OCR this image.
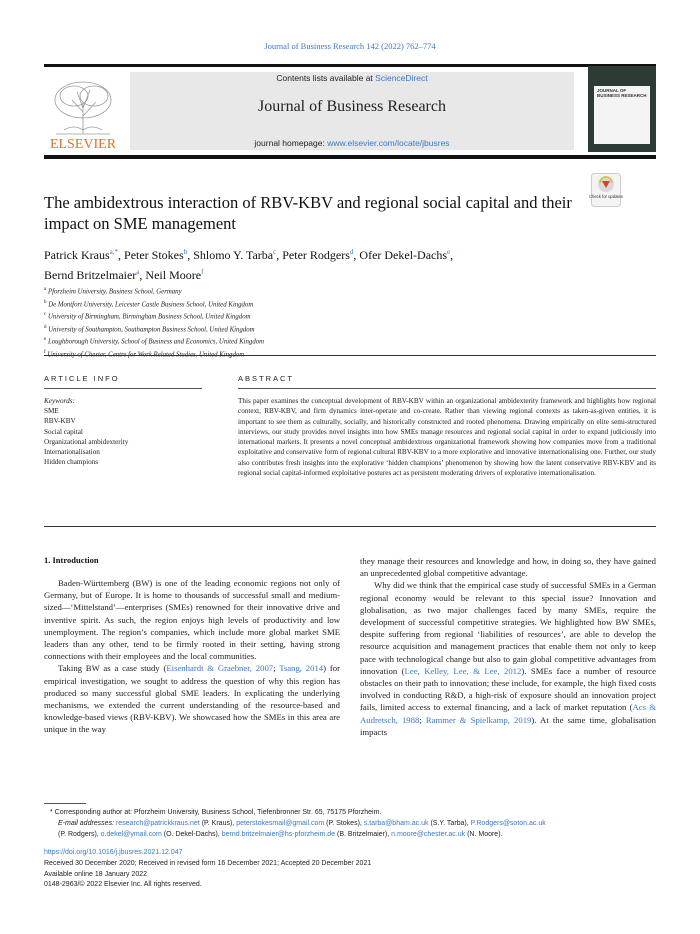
Journal of Business Research 142 (2022) 762–774
ELSEVIER
Contents lists available at ScienceDirect
Journal of Business Research
journal homepage: www.elsevier.com/locate/jbusres
JOURNAL OF BUSINESS RESEARCH
The ambidextrous interaction of RBV-KBV and regional social capital and their impact on SME management
Check for updates
Patrick Kraus$^{a,*}$, Peter Stokes$^b$, Shlomo Y. Tarba$^c$, Peter Rodgers$^d$, Ofer Dekel-Dachs$^e$,
Bernd Britzelmaier$^a$, Neil Moore$^f$
$^a$ Pforzheim University, Business School, Germany
$^b$ De Montfort University, Leicester Castle Business School, United Kingdom
$^c$ University of Birmingham, Birmingham Business School, United Kingdom
$^d$ University of Southampton, Southampton Business School, United Kingdom
$^e$ Loughborough University, School of Business and Economics, United Kingdom
$^f$
ARTICLE INFO	ABSTRACT
Keywords:
SME
RBV-KBV
Social capital
Organizational ambidexterity
Internationalisation
Hidden champions
This paper examines the conceptual development of RBV-KBV within an organizational ambidexterity framework and highlights how regional context, RBV-KBV, and firm dynamics inter-operate and co-create. Rather than viewing regional contexts as taken-as-given entities, it is important to see them as culturally, socially, and historically constructed and rooted phenomena. Drawing empirically on elite semi-structured interviews, our study provides novel insights into how SMEs manage resources and regional social capital in order to expand judiciously into international markets. It presents a novel conceptual ambidextrous organizational framework showing how companies move from a traditional exploitative and conservative form of regional cultural RBV-KBV to a more explorative and innovative internationalising one. Further, our study also contributes fresh insights into the explorative ‘hidden champions’ phenomenon by showing how the latent conservative RBV-KBV and its regional social capital-informed exploitative postures act as persistent moderating drivers of explorative internationalisation.
1. Introduction

Baden-Württemberg (BW) is one of the leading economic regions not only of Germany, but of Europe. It is home to thousands of successful small and medium-sized—‘Mittelstand’—enterprises (SMEs) renowned for their innovative drive and inventive spirit. As such, the region enjoys high levels of productivity and low unemployment. The region’s companies, which include more global market SME leaders than any other, tend to be firmly rooted in their setting, having strong connections with their employees and the local communities.

Taking BW as a case study (Eisenhardt & Graebner, 2007; Tsang, 2014) for empirical investigation, we sought to address the question of why this region has produced so many successful global SME leaders. In explicating the underlying mechanisms, we extended the current understanding of the resource-based and knowledge-based views (RBV-KBV). We showcased how the SMEs in this area are unique in the way

they manage their resources and knowledge and how, in doing so, they have gained an unprecedented global competitive advantage.

Why did we think that the empirical case study of successful SMEs in a German regional economy would be relevant to this special issue? Innovation and globalisation, as two major challenges faced by many SMEs, require the development of successful competitive strategies. We highlighted how BW SMEs, despite suffering from regional ‘liabilities of resources’, are able to develop the resource acquisition and management practices that enable them not only to keep pace with technological change but also to gain global competitive advantages from innovation (Lee, Kelley, Lee, & Lee, 2012). SMEs face a number of resource obstacles on their path to innovation; these include, for example, the high fixed costs involved in conducting R&D, a high-risk of exposure should an innovation project fails, limited access to external financing, and a lack of market reputation (Acs & Audretsch, 1988; Rammer & Spielkamp, 2019). At the same time, globalisation impacts

* Corresponding author at: Pforzheim University, Business School, Tiefenbronner Str. 65, 75175 Pforzheim.
E-mail addresses: research@patrickkraus.net (P. Kraus), peterstokesmail@gmail.com (P. Stokes), s.tarba@bham.ac.uk (S.Y. Tarba), P.Rodgers@soton.ac.uk
(P. Rodgers), o.dekel@ymail.com (O. Dekel-Dachs), bernd.britzelmaier@hs-pforzheim.de (B. Britzelmaier), n.moore@chester.ac.uk (N. Moore).
https://doi.org/10.1016/j.jbusres.2021.12.047
Received 30 December 2020; Received in revised form 16 December 2021; Accepted 20 December 2021
Available online 18 January 2022
0148-2963/© 2022 Elsevier Inc. All rights reserved.
